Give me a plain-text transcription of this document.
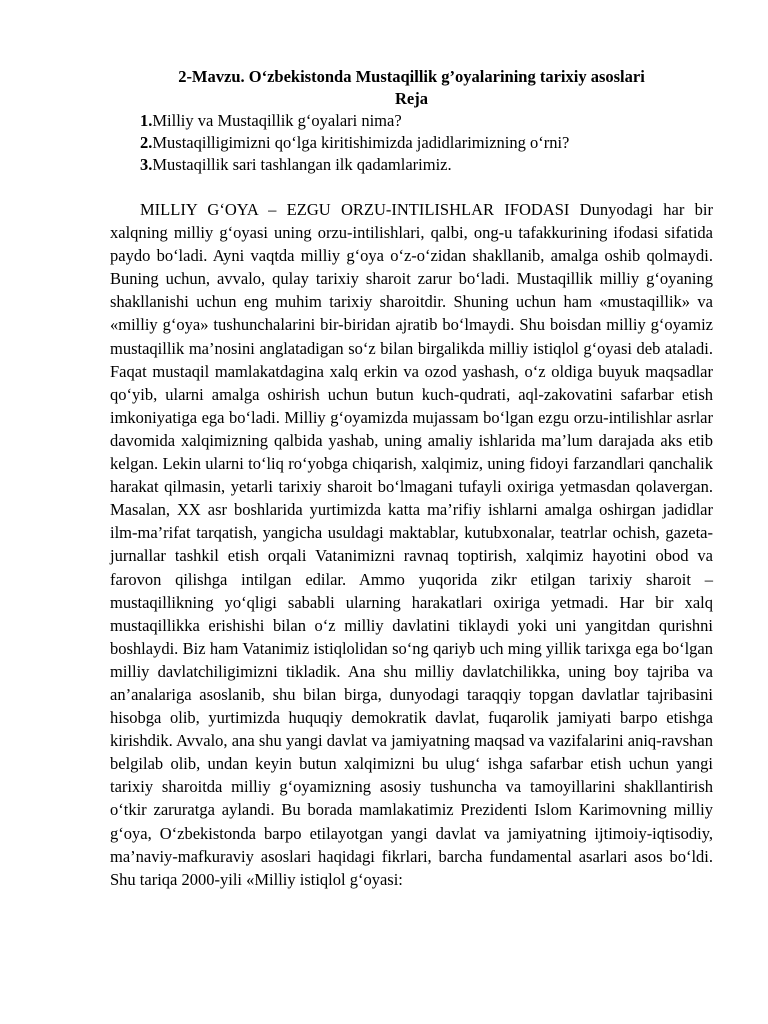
2-Mavzu. O‘zbekistonda Mustaqillik g’oyalarining tarixiy asoslari

Reja

1.Milliy va Mustaqillik g‘oyalari nima?
2.Mustaqilligimizni qo‘lga kiritishimizda jadidlarimizning o‘rni?
3.Mustaqillik sari tashlangan ilk qadamlarimiz.

MILLIY G‘OYA – EZGU ORZU-INTILISHLAR IFODASI Dunyodagi har bir xalqning milliy g‘oyasi uning orzu-intilishlari, qalbi, ong-u tafakkurining ifodasi sifatida paydo bo‘ladi. Ayni vaqtda milliy g‘oya o‘z-o‘zidan shakllanib, amalga oshib qolmaydi. Buning uchun, avvalo, qulay tarixiy sharoit zarur bo‘ladi. Mustaqillik milliy g‘oyaning shakllanishi uchun eng muhim tarixiy sharoitdir. Shuning uchun ham «mustaqillik» va «milliy g‘oya» tushunchalarini bir-biridan ajratib bo‘lmaydi. Shu boisdan milliy g‘oyamiz mustaqillik ma’nosini anglatadigan so‘z bilan birgalikda milliy istiqlol g‘oyasi deb ataladi. Faqat mustaqil mamlakatdagina xalq erkin va ozod yashash, o‘z oldiga buyuk maqsadlar qo‘yib, ularni amalga oshirish uchun butun kuch-qudrati, aql-zakovatini safarbar etish imkoniyatiga ega bo‘ladi. Milliy g‘oyamizda mujassam bo‘lgan ezgu orzu-intilishlar asrlar davomida xalqimizning qalbida yashab, uning amaliy ishlarida ma’lum darajada aks etib kelgan. Lekin ularni to‘liq ro‘yobga chiqarish, xalqimiz, uning fidoyi farzandlari qanchalik harakat qilmasin, yetarli tarixiy sharoit bo‘lmagani tufayli oxiriga yetmasdan qolavergan. Masalan, XX asr boshlarida yurtimizda katta ma’rifiy ishlarni amalga oshirgan jadidlar ilm-ma’rifat tarqatish, yangicha usuldagi maktablar, kutubxonalar, teatrlar ochish, gazeta-jurnallar tashkil etish orqali Vatanimizni ravnaq toptirish, xalqimiz hayotini obod va farovon qilishga intilgan edilar. Ammo yuqorida zikr etilgan tarixiy sharoit – mustaqillikning yo‘qligi sababli ularning harakatlari oxiriga yetmadi. Har bir xalq mustaqillikka erishishi bilan o‘z milliy davlatini tiklaydi yoki uni yangitdan qurishni boshlaydi. Biz ham Vatanimiz istiqlolidan so‘ng qariyb uch ming yillik tarixga ega bo‘lgan milliy davlatchiligimizni tikladik. Ana shu milliy davlatchilikka, uning boy tajriba va an’analariga asoslanib, shu bilan birga, dunyodagi taraqqiy topgan davlatlar tajribasini hisobga olib, yurtimizda huquqiy demokratik davlat, fuqarolik jamiyati barpo etishga kirishdik. Avvalo, ana shu yangi davlat va jamiyatning maqsad va vazifalarini aniq-ravshan belgilab olib, undan keyin butun xalqimizni bu ulug‘ ishga safarbar etish uchun yangi tarixiy sharoitda milliy g‘oyamizning asosiy tushuncha va tamoyillarini shakllantirish o‘tkir zaruratga aylandi. Bu borada mamlakatimiz Prezidenti Islom Karimovning milliy g‘oya, O‘zbekistonda barpo etilayotgan yangi davlat va jamiyatning ijtimoiy-iqtisodiy, ma’naviy-mafkuraviy asoslari haqidagi fikrlari, barcha fundamental asarlari asos bo‘ldi. Shu tariqa 2000-yili «Milliy istiqlol g‘oyasi:
